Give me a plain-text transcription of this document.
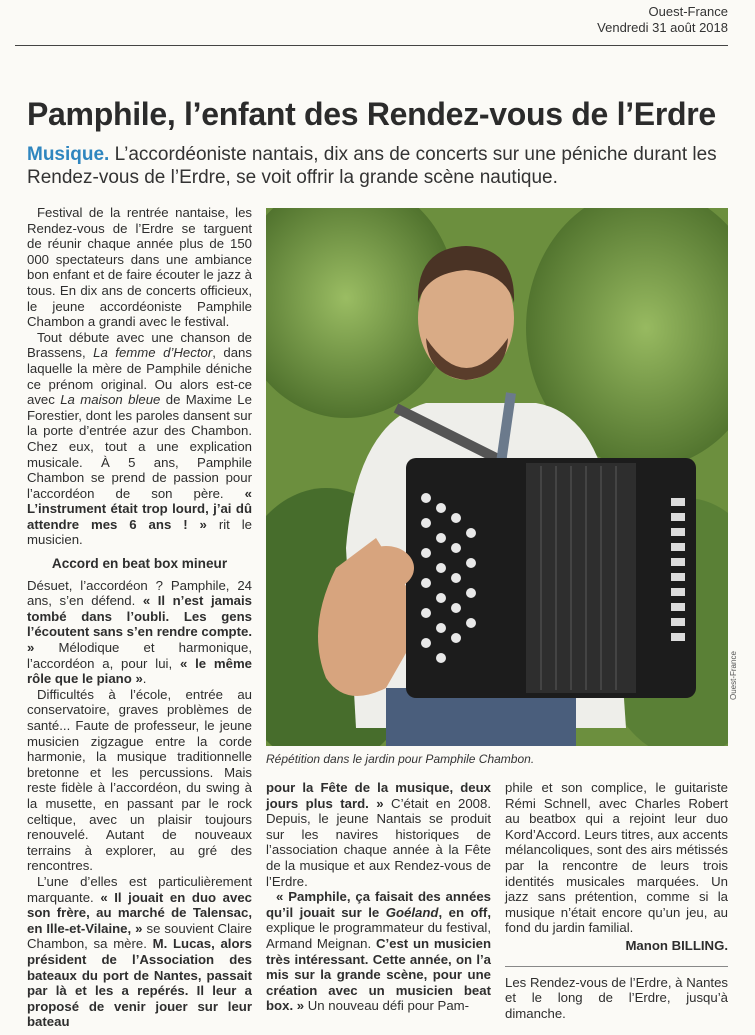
Ouest-France
Vendredi 31 août 2018
Pamphile, l’enfant des Rendez-vous de l’Erdre
Musique. L’accordéoniste nantais, dix ans de concerts sur une péniche durant les Rendez-vous de l’Erdre, se voit offrir la grande scène nautique.
Ouest-France
Répétition dans le jardin pour Pamphile Chambon.

Festival de la rentrée nantaise, les Rendez-vous de l’Erdre se targuent de réunir chaque année plus de 150 000 spectateurs dans une ambiance bon enfant et de faire écouter le jazz à tous. En dix ans de concerts officieux, le jeune accordéoniste Pamphile Chambon a grandi avec le festival.

Tout débute avec une chanson de Brassens, La femme d’Hector, dans laquelle la mère de Pamphile déniche ce prénom original. Ou alors est-ce avec La maison bleue de Maxime Le Forestier, dont les paroles dansent sur la porte d’entrée azur des Chambon. Chez eux, tout a une explication musicale. À 5 ans, Pamphile Chambon se prend de passion pour l’accordéon de son père. « L’instrument était trop lourd, j’ai dû attendre mes 6 ans ! » rit le musicien.

Accord en beat box mineur

Désuet, l’accordéon ? Pamphile, 24 ans, s’en défend. « Il n’est jamais tombé dans l’oubli. Les gens l’écoutent sans s’en rendre compte. » Mélodique et harmonique, l’accordéon a, pour lui, « le même rôle que le piano ».

Difficultés à l’école, entrée au conservatoire, graves problèmes de santé... Faute de professeur, le jeune musicien zigzague entre la corde harmonie, la musique traditionnelle bretonne et les percussions. Mais reste fidèle à l’accordéon, du swing à la musette, en passant par le rock celtique, avec un plaisir toujours renouvelé. Autant de nouveaux terrains à explorer, au gré des rencontres.

L’une d’elles est particulièrement marquante. « Il jouait en duo avec son frère, au marché de Talensac, en Ille-et-Vilaine, » se souvient Claire Chambon, sa mère. M. Lucas, alors président de l’Association des bateaux du port de Nantes, passait par là et les a repérés. Il leur a proposé de venir jouer sur leur bateau

pour la Fête de la musique, deux jours plus tard. » C’était en 2008. Depuis, le jeune Nantais se produit sur les navires historiques de l’association chaque année à la Fête de la musique et aux Rendez-vous de l’Erdre.

« Pamphile, ça faisait des années qu’il jouait sur le Goéland, en off, explique le programmateur du festival, Armand Meignan. C’est un musicien très intéressant. Cette année, on l’a mis sur la grande scène, pour une création avec un musicien beat box. » Un nouveau défi pour Pam-

phile et son complice, le guitariste Rémi Schnell, avec Charles Robert au beatbox qui a rejoint leur duo Kord’Accord. Leurs titres, aux accents mélancoliques, sont des airs métissés par la rencontre de leurs trois identités musicales marquées. Un jazz sans prétention, comme si la musique n’était encore qu’un jeu, au fond du jardin familial.

Manon BILLING.

Les Rendez-vous de l’Erdre, à Nantes et le long de l’Erdre, jusqu’à dimanche.
